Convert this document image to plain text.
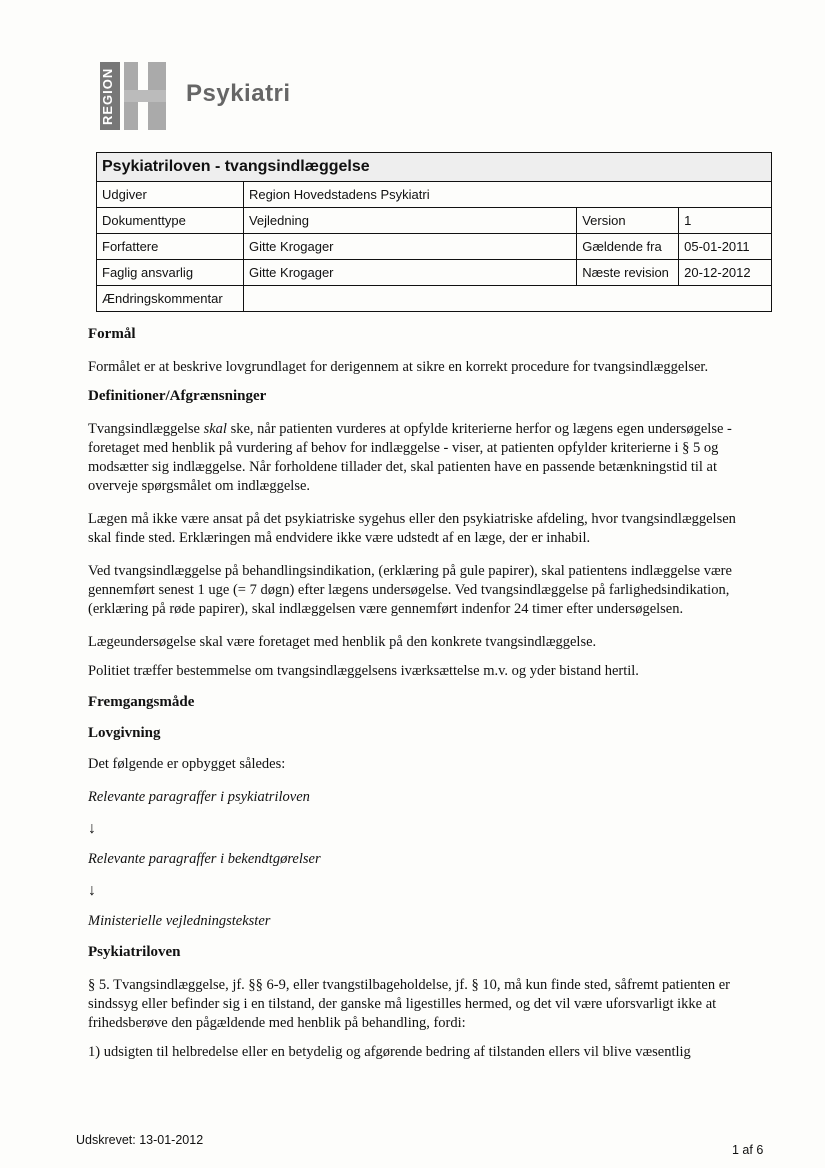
REGION	Psykiatri
Psykiatriloven - tvangsindlæggelse			
Udgiver	Region Hovedstadens Psykiatri		
Dokumenttype	Vejledning	Version	1
Forfattere	Gitte Krogager	Gældende fra	05-01-2011
Faglig ansvarlig	Gitte Krogager	Næste revision	20-12-2012
Ændringskommentar			
Formål

Formålet er at beskrive lovgrundlaget for derigennem at sikre en korrekt procedure for tvangsindlæggelser.

Definitioner/Afgrænsninger

Tvangsindlæggelse skal ske, når patienten vurderes at opfylde kriterierne herfor og lægens egen undersøgelse - foretaget med henblik på vurdering af behov for indlæggelse - viser, at patienten opfylder kriterierne i § 5 og modsætter sig indlæggelse. Når forholdene tillader det, skal patienten have en passende betænkningstid til at overveje spørgsmålet om indlæggelse.

Lægen må ikke være ansat på det psykiatriske sygehus eller den psykiatriske afdeling, hvor tvangsindlæggelsen skal finde sted. Erklæringen må endvidere ikke være udstedt af en læge, der er inhabil.

Ved tvangsindlæggelse på behandlingsindikation, (erklæring på gule papirer), skal patientens indlæggelse være gennemført senest 1 uge (= 7 døgn) efter lægens undersøgelse. Ved tvangsindlæggelse på farlighedsindikation, (erklæring på røde papirer), skal indlæggelsen være gennemført indenfor 24 timer efter undersøgelsen.

Lægeundersøgelse skal være foretaget med henblik på den konkrete tvangsindlæggelse.

Politiet træffer bestemmelse om tvangsindlæggelsens iværksættelse m.v. og yder bistand hertil.

Fremgangsmåde
Lovgivning

Det følgende er opbygget således:

Relevante paragraffer i psykiatriloven

↓

Relevante paragraffer i bekendtgørelser

↓

Ministerielle vejledningstekster

Psykiatriloven

§ 5. Tvangsindlæggelse, jf. §§ 6-9, eller tvangstilbageholdelse, jf. § 10, må kun finde sted, såfremt patienten er sindssyg eller befinder sig i en tilstand, der ganske må ligestilles hermed, og det vil være uforsvarligt ikke at frihedsberøve den pågældende med henblik på behandling, fordi:

1) udsigten til helbredelse eller en betydelig og afgørende bedring af tilstanden ellers vil blive væsentlig

Udskrevet: 13-01-2012
1 af 6
